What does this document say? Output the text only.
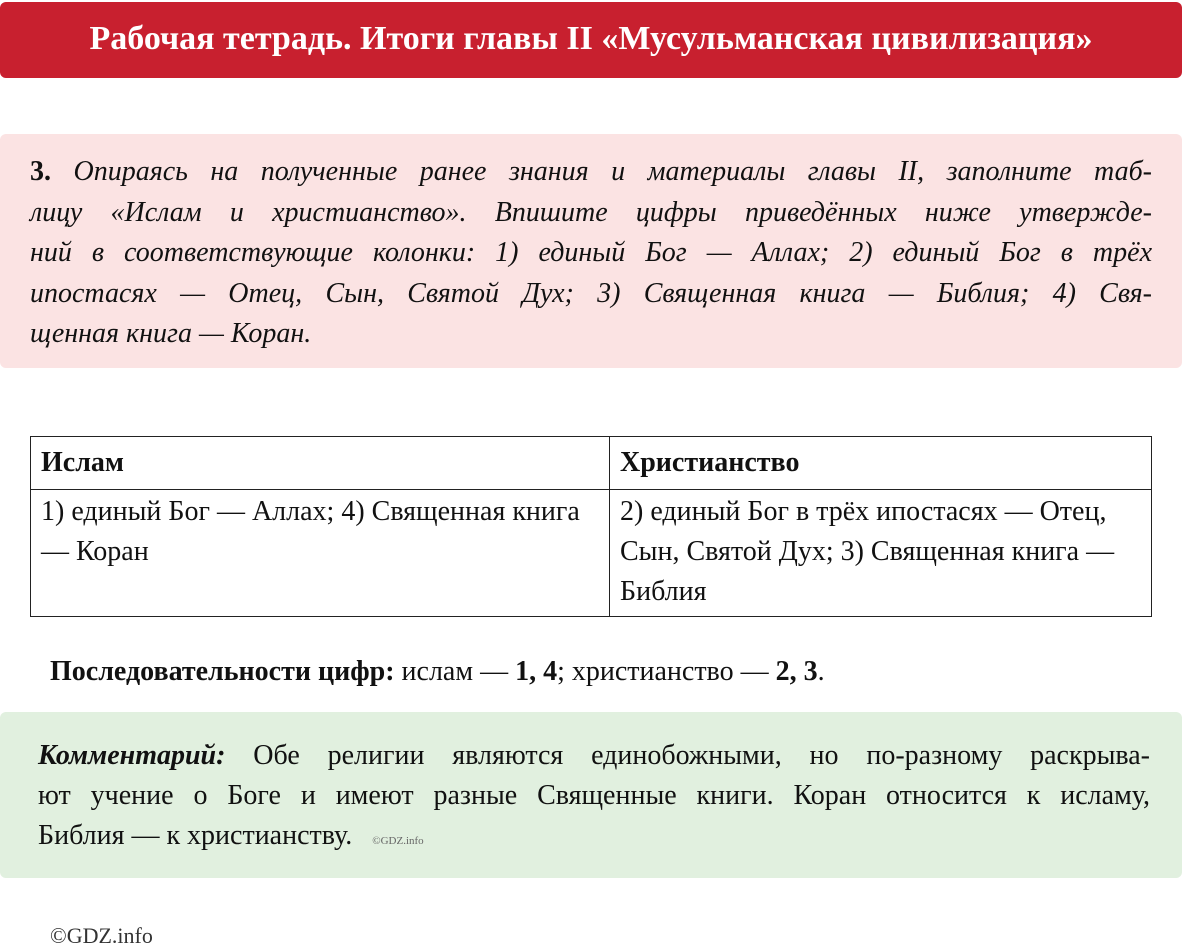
Рабочая тетрадь. Итоги главы II «Мусульманская цивилизация»
3. Опираясь на полученные ранее знания и материалы главы II, заполните таб-
лицу «Ислам и христианство». Впишите цифры приведённых ниже утвержде-
ний в соответствующие колонки: 1) единый Бог — Аллах; 2) единый Бог в трёх
ипостасях — Отец, Сын, Святой Дух; 3) Священная книга — Библия; 4) Свя-
щенная книга — Коран.
Ислам	Христианство
1) единый Бог — Аллах; 4) Священная книга — Коран	2) единый Бог в трёх ипостасях — Отец, Сын, Святой Дух; 3) Священная книга — Библия
Последовательности цифр: ислам — 1, 4; христианство — 2, 3.
Комментарий: Обе религии являются единобожными, но по-разному раскрыва-
ют учение о Боге и имеют разные Священные книги. Коран относится к исламу,
Библия — к христианству. ©GDZ.info
©GDZ.info
